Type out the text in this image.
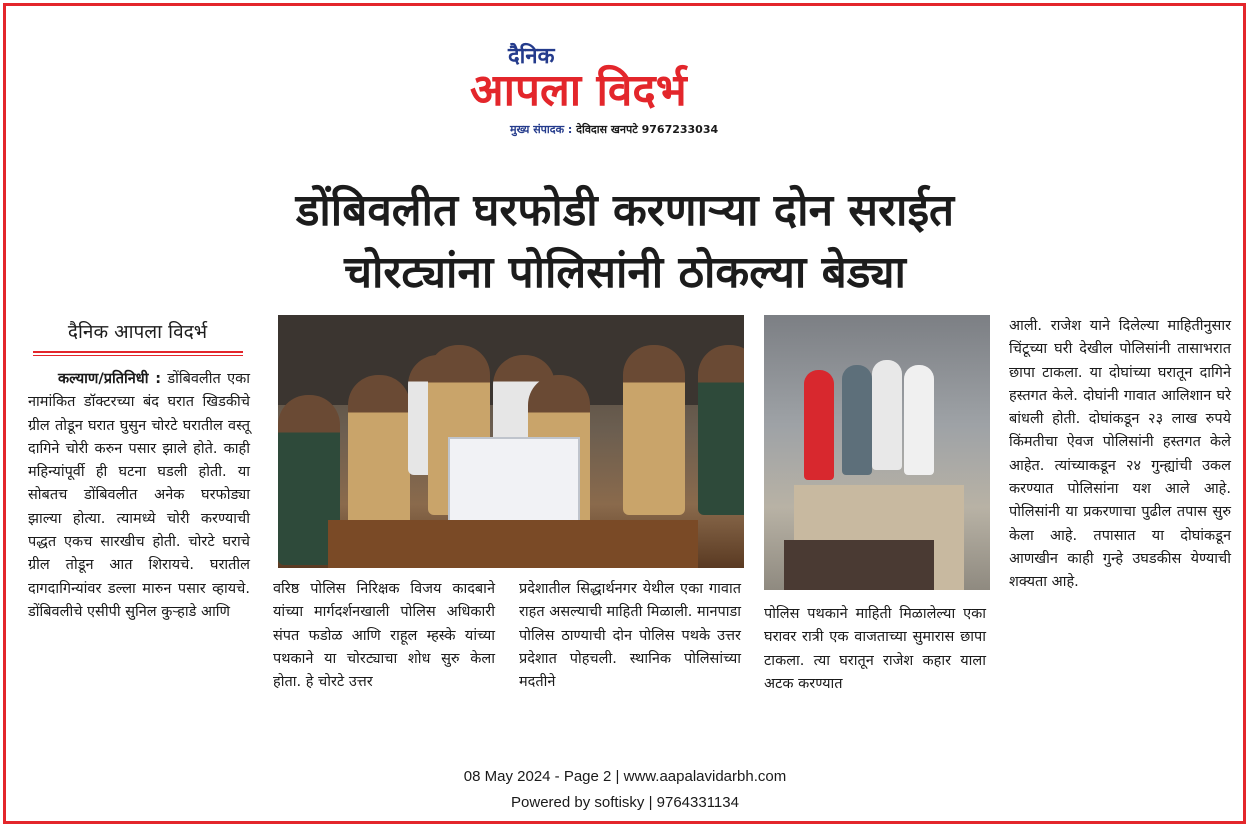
दैनिक
आपला विदर्भ
मुख्य संपादक : देविदास खनपटे 9767233034
डोंबिवलीत घरफोडी करणाऱ्या दोन सराईत
चोरट्यांना पोलिसांनी ठोकल्या बेड्या
दैनिक आपला विदर्भ
कल्याण/प्रतिनिधी : डोंबिवलीत एका नामांकित डॉक्टरच्या बंद घरात खिडकीचे ग्रील तोडून घरात घुसुन चोरटे घरातील वस्तू दागिने चोरी करुन पसार झाले होते. काही महिन्यांपूर्वी ही घटना घडली होती. या सोबतच डोंबिवलीत अनेक घरफोड्या झाल्या होत्या. त्यामध्ये चोरी करण्याची पद्धत एकच सारखीच होती. चोरटे घराचे ग्रील तोडून आत शिरायचे. घरातील दागदागिन्यांवर डल्ला मारुन पसार व्हायचे. डोंबिवलीचे एसीपी सुनिल कुऱ्हाडे आणि
वरिष्ठ पोलिस निरिक्षक विजय कादबाने यांच्या मार्गदर्शनखाली पोलिस अधिकारी संपत फडोळ आणि राहूल म्हस्के यांच्या पथकाने या चोरट्याचा शोध सुरु केला होता. हे चोरटे उत्तर
प्रदेशातील सिद्धार्थनगर येथील एका गावात राहत असल्याची माहिती मिळाली. मानपाडा पोलिस ठाण्याची दोन पोलिस पथके उत्तर प्रदेशात पोहचली. स्थानिक पोलिसांच्या मदतीने
पोलिस पथकाने माहिती मिळालेल्या एका घरावर रात्री एक वाजताच्या सुमारास छापा टाकला. त्या घरातून राजेश कहार याला अटक करण्यात
आली. राजेश याने दिलेल्या माहितीनुसार चिंटूच्या घरी देखील पोलिसांनी तासाभरात छापा टाकला. या दोघांच्या घरातून दागिने हस्तगत केले. दोघांनी गावात आलिशान घरे बांधली होती. दोघांकडून २३ लाख रुपये किंमतीचा ऐवज पोलिसांनी हस्तगत केले आहेत. त्यांच्याकडून २४ गुन्ह्यांची उकल करण्यात पोलिसांना यश आले आहे. पोलिसांनी या प्रकरणाचा पुढील तपास सुरु केला आहे. तपासात या दोघांकडून आणखीन काही गुन्हे उघडकीस येण्याची शक्यता आहे.
08 May 2024 - Page 2 | www.aapalavidarbh.com
Powered by softisky | 9764331134
